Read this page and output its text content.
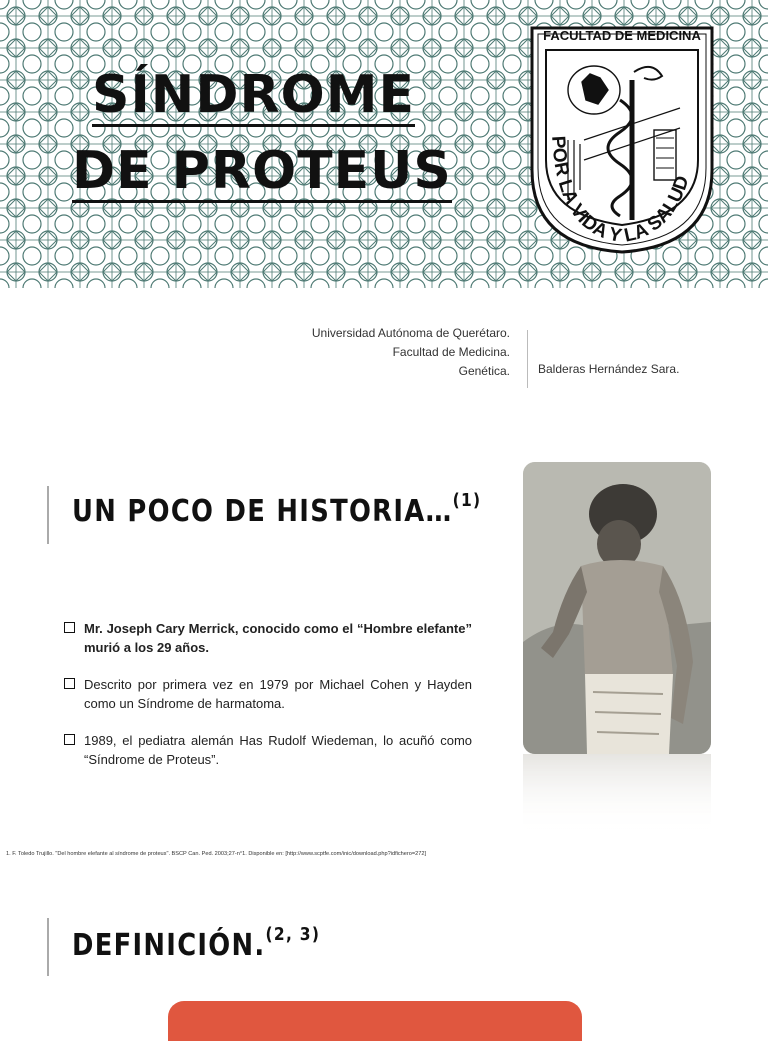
SÍNDROME
DE PROTEUS
FACULTAD DE MEDICINA
POR LA VIDA Y LA SALUD
Universidad Autónoma de Querétaro.
Facultad de Medicina.
Genética. Balderas Hernández Sara.
UN POCO DE HISTORIA…$^{(1)}$
Mr. Joseph Cary Merrick, conocido como el “Hombre elefante” murió a los 29 años.
Descrito por primera vez en 1979 por Michael Cohen y Hayden como un Síndrome de harmatoma.
1989, el pediatra alemán Has Rudolf Wiedeman, lo acuñó como “Síndrome de Proteus”.
1. F. Toledo Trujillo. "Del hombre elefante al síndrome de proteus". BSCP Can. Ped. 2003;27-n°1. Disponible en: [http://www.scptfe.com/inic/download.php?idfichero=272]
DEFINICIÓN.$^{(2, 3)}$
